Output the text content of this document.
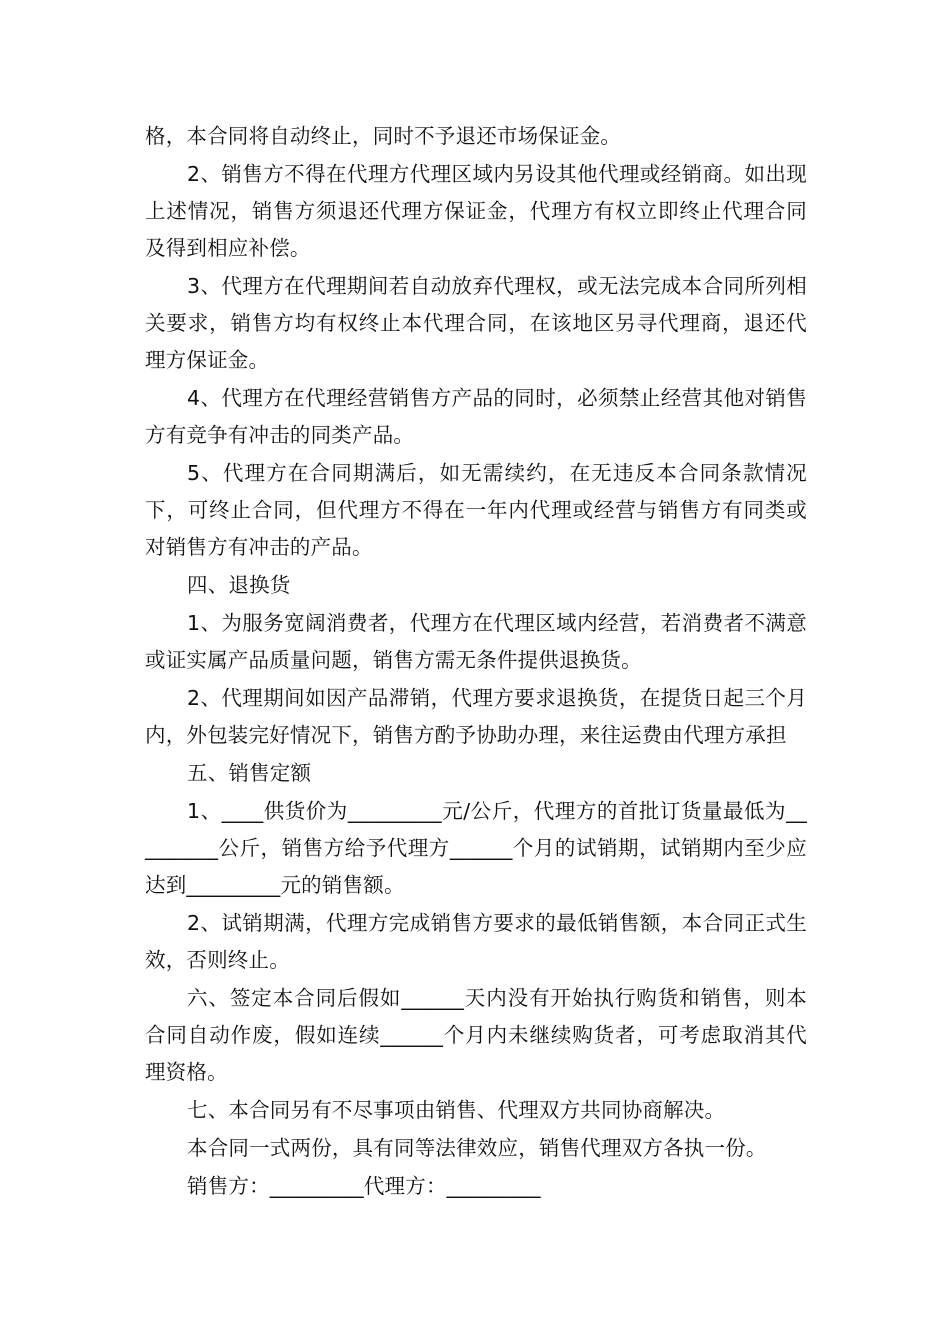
格，本合同将自动终止，同时不予退还市场保证金。

2、销售方不得在代理方代理区域内另设其他代理或经销商。如出现上述情况，销售方须退还代理方保证金，代理方有权立即终止代理合同及得到相应补偿。

3、代理方在代理期间若自动放弃代理权，或无法完成本合同所列相关要求，销售方均有权终止本代理合同，在该地区另寻代理商，退还代理方保证金。

4、代理方在代理经营销售方产品的同时，必须禁止经营其他对销售方有竞争有冲击的同类产品。

5、代理方在合同期满后，如无需续约，在无违反本合同条款情况下，可终止合同，但代理方不得在一年内代理或经营与销售方有同类或对销售方有冲击的产品。

四、退换货

1、为服务宽阔消费者，代理方在代理区域内经营，若消费者不满意或证实属产品质量问题，销售方需无条件提供退换货。

2、代理期间如因产品滞销，代理方要求退换货，在提货日起三个月内，外包装完好情况下，销售方酌予协助办理，来往运费由代理方承担

五、销售定额

1、____供货价为_________元/公斤，代理方的首批订货量最低为_________公斤，销售方给予代理方______个月的试销期，试销期内至少应达到_________元的销售额。

2、试销期满，代理方完成销售方要求的最低销售额，本合同正式生效，否则终止。

六、签定本合同后假如______天内没有开始执行购货和销售，则本合同自动作废，假如连续______个月内未继续购货者，可考虑取消其代理资格。

七、本合同另有不尽事项由销售、代理双方共同协商解决。

本合同一式两份，具有同等法律效应，销售代理双方各执一份。

销售方：_________代理方：_________
